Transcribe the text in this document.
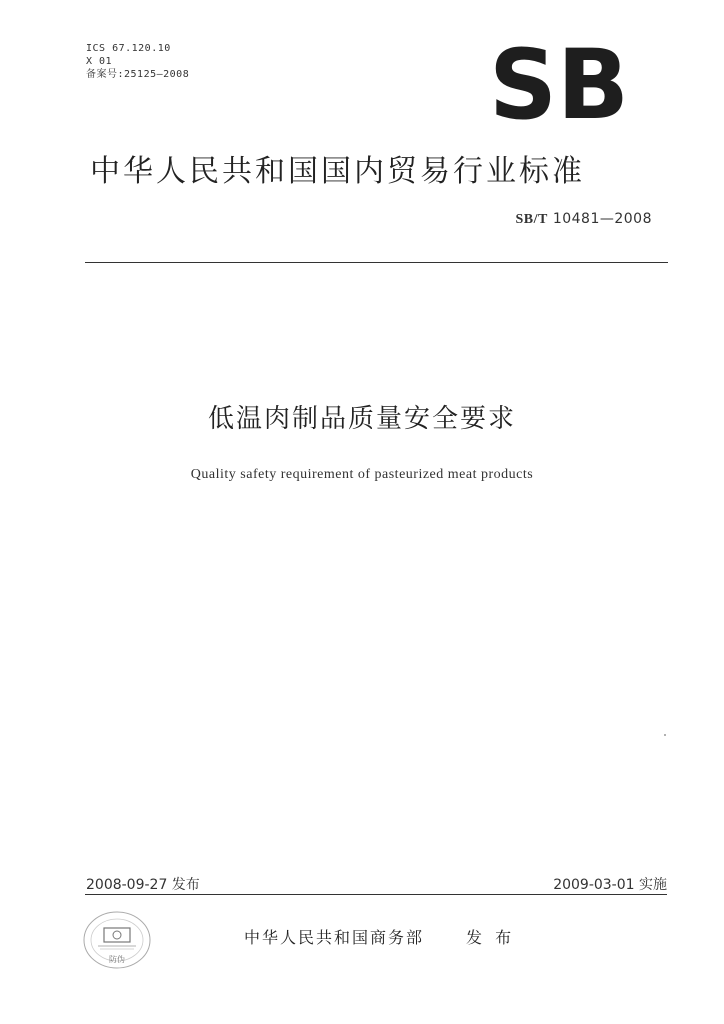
ICS 67.120.10
X 01
备案号:25125—2008	SB
中华人民共和国国内贸易行业标准
SB/T 10481—2008
低温肉制品质量安全要求
Quality safety requirement of pasteurized meat products
2008-09-27 发布	2009-03-01 实施
防伪
中华人民共和国商务部	发 布
